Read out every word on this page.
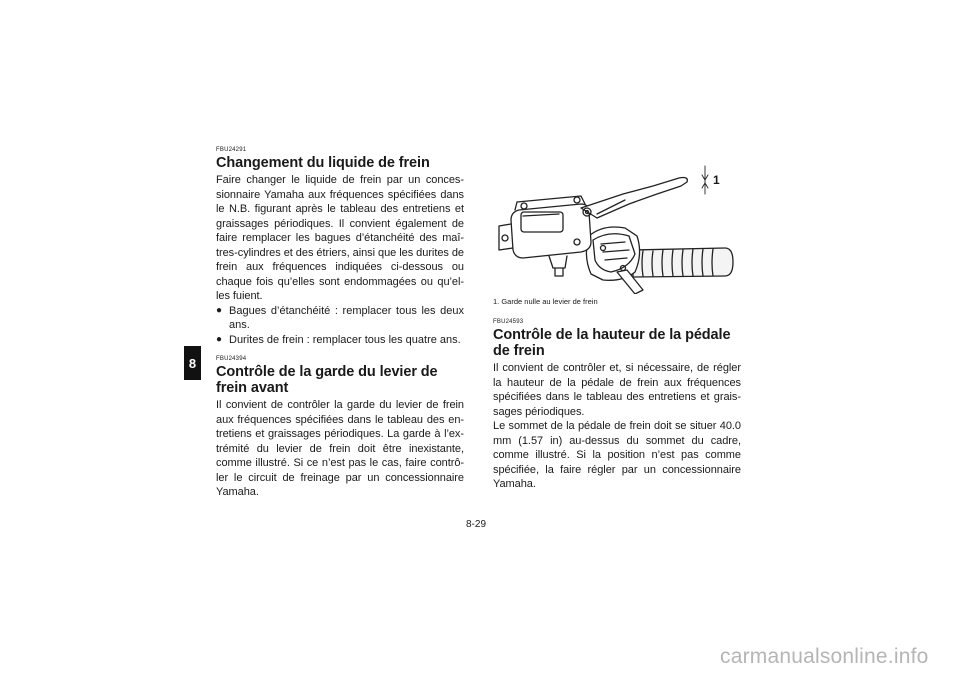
8
FBU24291
Changement du liquide de frein

Faire changer le liquide de frein par un conces-sionnaire Yamaha aux fréquences spécifiées dans le N.B. figurant après le tableau des entretiens et graissages périodiques. Il convient également de faire remplacer les bagues d’étanchéité des maî-tres-cylindres et des étriers, ainsi que les durites de frein aux fréquences indiquées ci-dessous ou chaque fois qu’elles sont endommagées ou qu’el-les fuient.

● Bagues d’étanchéité : remplacer tous les deux ans.
● Durites de frein : remplacer tous les quatre ans.
FBU24394
Contrôle de la garde du levier de frein avant

Il convient de contrôler la garde du levier de frein aux fréquences spécifiées dans le tableau des en-tretiens et graissages périodiques. La garde à l’ex-trémité du levier de frein doit être inexistante, comme illustré. Si ce n’est pas le cas, faire contrô-ler le circuit de freinage par un concessionnaire Yamaha.

1
1. Garde nulle au levier de frein
FBU24593
Contrôle de la hauteur de la pédale de frein

Il convient de contrôler et, si nécessaire, de régler la hauteur de la pédale de frein aux fréquences spécifiées dans le tableau des entretiens et grais-sages périodiques.

Le sommet de la pédale de frein doit se situer 40.0 mm (1.57 in) au-dessus du sommet du cadre, comme illustré. Si la position n’est pas comme spécifiée, la faire régler par un concessionnaire Yamaha.

8-29
carmanualsonline.info
